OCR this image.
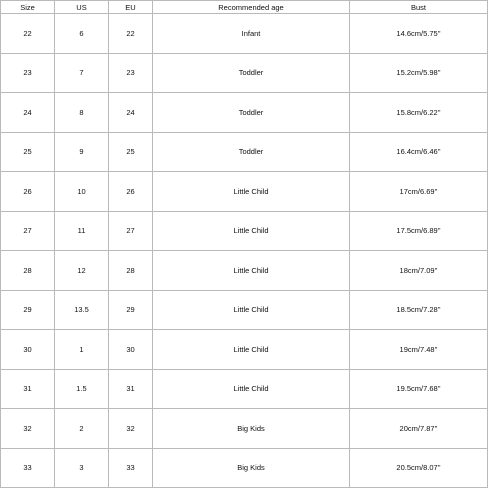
Size	US	EU	Recommended age	Bust
22	6	22	Infant	14.6cm/5.75''
23	7	23	Toddler	15.2cm/5.98''
24	8	24	Toddler	15.8cm/6.22''
25	9	25	Toddler	16.4cm/6.46''
26	10	26	Little Child	17cm/6.69''
27	11	27	Little Child	17.5cm/6.89''
28	12	28	Little Child	18cm/7.09''
29	13.5	29	Little Child	18.5cm/7.28''
30	1	30	Little Child	19cm/7.48''
31	1.5	31	Little Child	19.5cm/7.68''
32	2	32	Big Kids	20cm/7.87''
33	3	33	Big Kids	20.5cm/8.07''
